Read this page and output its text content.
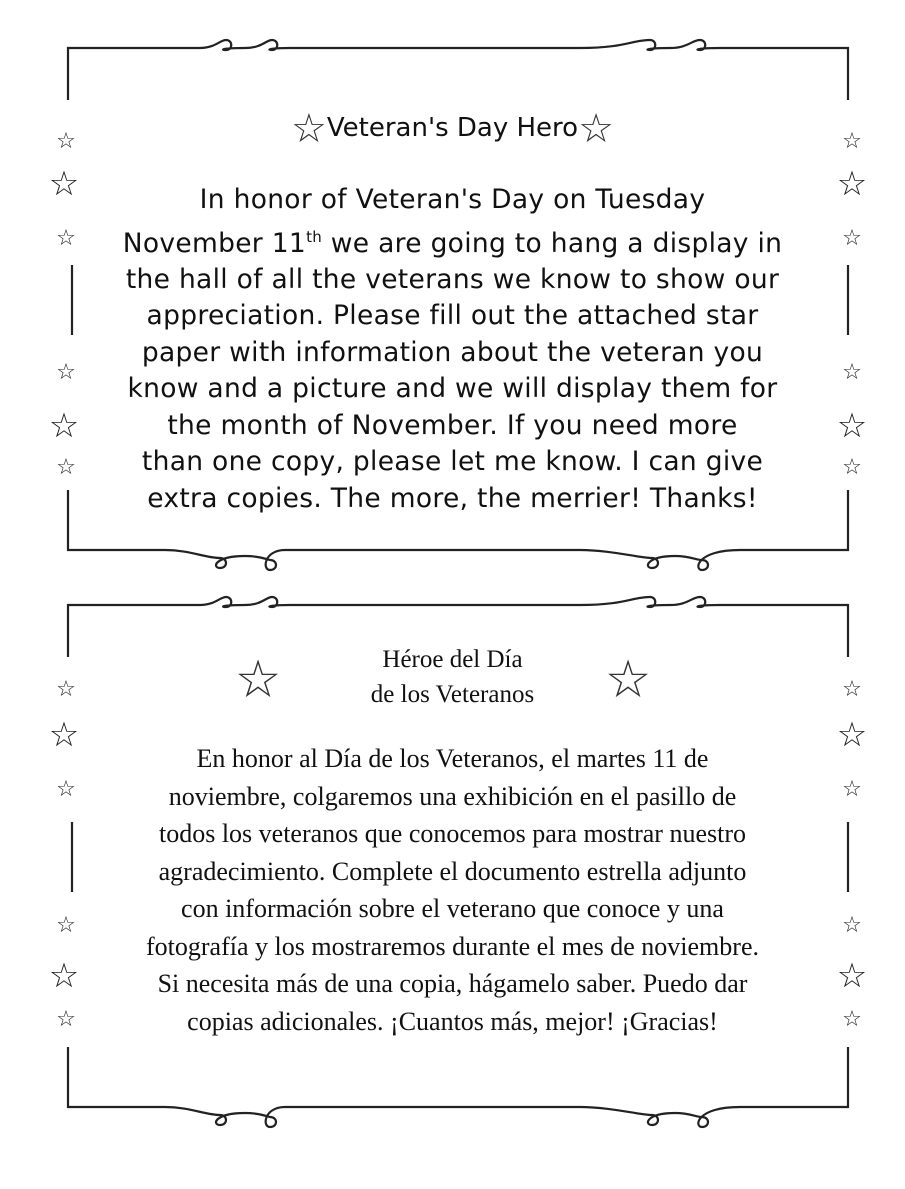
☆
☆
☆
☆
☆
☆
☆
☆
☆
☆
☆
☆
☆
☆
☆
☆
☆
☆
☆
☆
☆
☆
☆
☆
☆Veteran's Day Hero☆
In honor of Veteran's Day on Tuesday
November 11th we are going to hang a display in
the hall of all the veterans we know to show our
appreciation. Please fill out the attached star
paper with information about the veteran you
know and a picture and we will display them for
the month of November. If you need more
than one copy, please let me know. I can give
extra copies. The more, the merrier! Thanks!
☆	☆
Héroe del Día
de los Veteranos
En honor al Día de los Veteranos, el martes 11 de
noviembre, colgaremos una exhibición en el pasillo de
todos los veteranos que conocemos para mostrar nuestro
agradecimiento. Complete el documento estrella adjunto
con información sobre el veterano que conoce y una
fotografía y los mostraremos durante el mes de noviembre.
Si necesita más de una copia, hágamelo saber. Puedo dar
copias adicionales. ¡Cuantos más, mejor! ¡Gracias!
